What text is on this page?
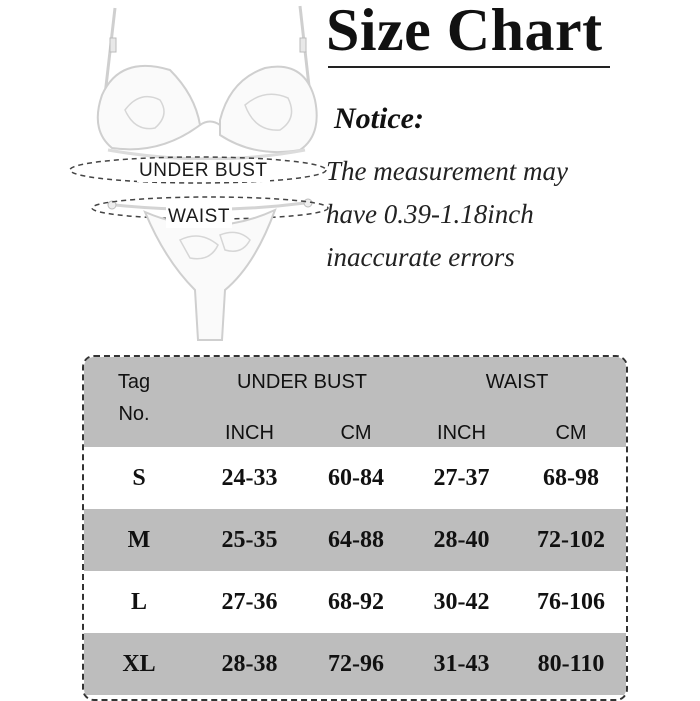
UNDER BUST
WAIST
Size Chart
Notice:
The measurement may
have 0.39-1.18inch
inaccurate errors
Tag
No.
UNDER BUST	WAIST
INCH	CM	INCH	CM
S	24-33	60-84	27-37	68-98
M	25-35	64-88	28-40	72-102
L	27-36	68-92	30-42	76-106
XL	28-38	72-96	31-43	80-110
